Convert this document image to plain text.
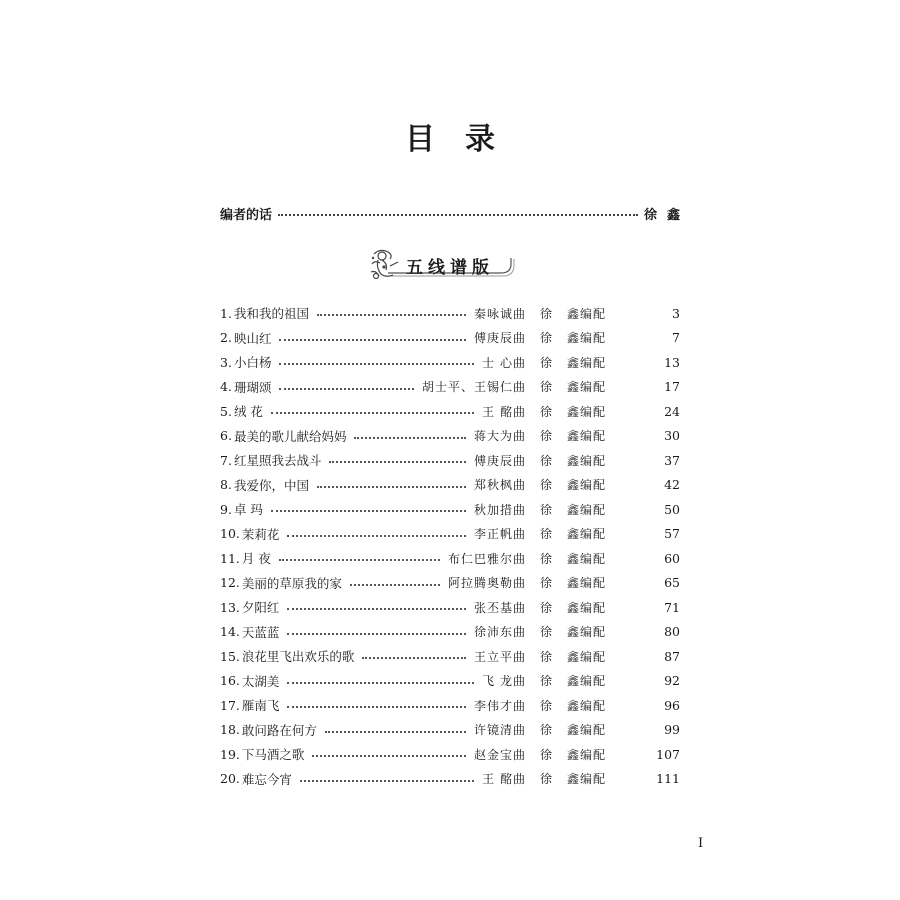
目录
编者的话	徐鑫
五线谱版
1. 我和我的祖国	秦咏诚曲 徐 鑫编配	3
2. 映山红	傅庚辰曲 徐 鑫编配	7
3. 小白杨	士 心曲 徐 鑫编配	13
4. 珊瑚颂	胡士平、王锡仁曲 徐 鑫编配	17
5. 绒 花	王 酩曲 徐 鑫编配	24
6. 最美的歌儿献给妈妈	蒋大为曲 徐 鑫编配	30
7. 红星照我去战斗	傅庚辰曲 徐 鑫编配	37
8. 我爱你，中国	郑秋枫曲 徐 鑫编配	42
9. 卓 玛	秋加措曲 徐 鑫编配	50
10. 茉莉花	李正帆曲 徐 鑫编配	57
11. 月 夜	布仁巴雅尔曲 徐 鑫编配	60
12. 美丽的草原我的家	阿拉腾奥勒曲 徐 鑫编配	65
13. 夕阳红	张丕基曲 徐 鑫编配	71
14. 天蓝蓝	徐沛东曲 徐 鑫编配	80
15. 浪花里飞出欢乐的歌	王立平曲 徐 鑫编配	87
16. 太湖美	飞 龙曲 徐 鑫编配	92
17. 雁南飞	李伟才曲 徐 鑫编配	96
18. 敢问路在何方	许镜清曲 徐 鑫编配	99
19. 下马酒之歌	赵金宝曲 徐 鑫编配	107
20. 难忘今宵	王 酩曲 徐 鑫编配	111
I
